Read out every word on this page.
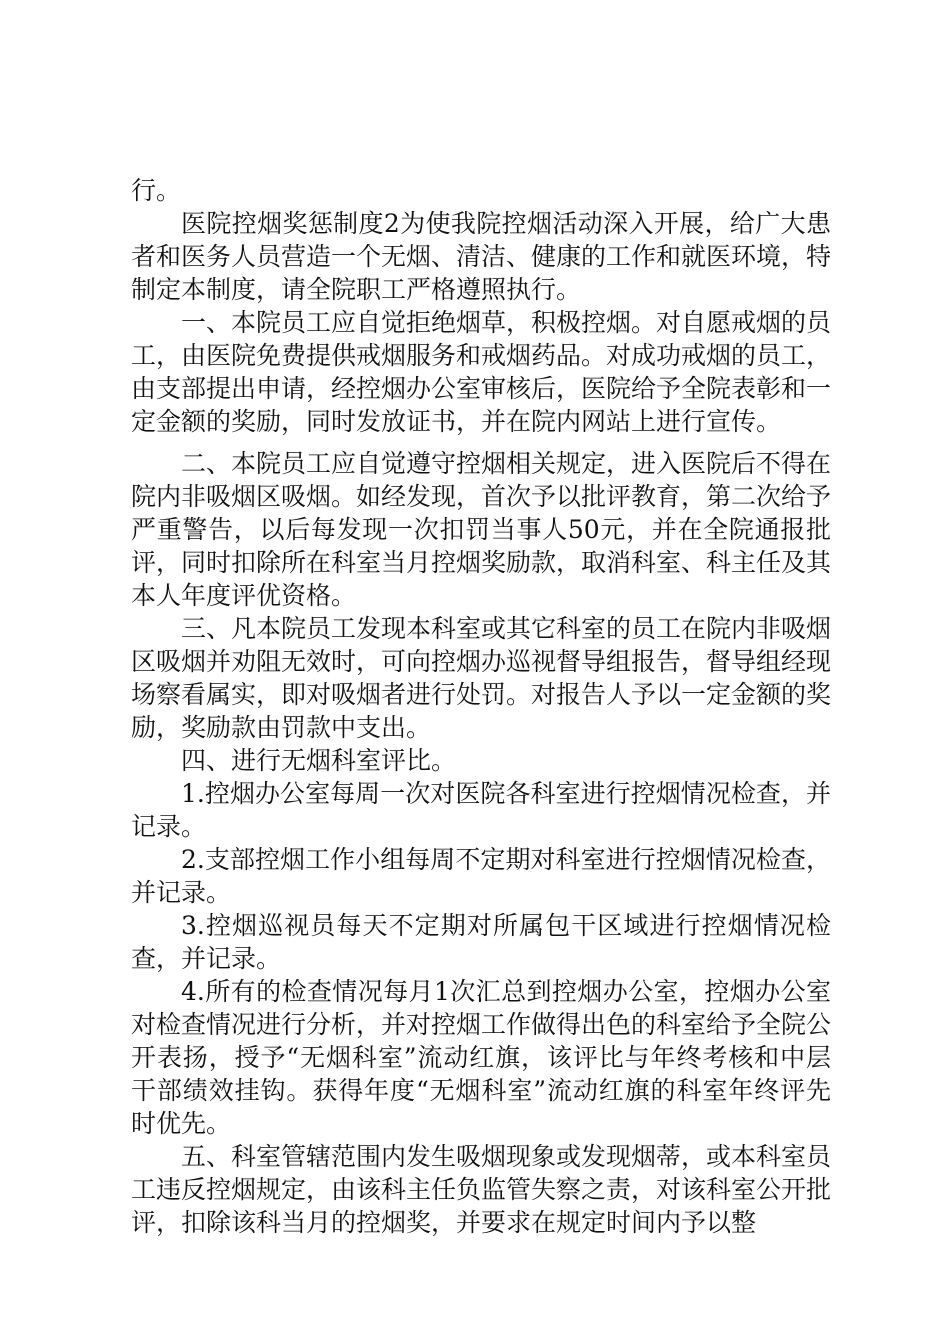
行。

医院控烟奖惩制度2为使我院控烟活动深入开展，给广大患者和医务人员营造一个无烟、清洁、健康的工作和就医环境，特制定本制度，请全院职工严格遵照执行。

一、本院员工应自觉拒绝烟草，积极控烟。对自愿戒烟的员工，由医院免费提供戒烟服务和戒烟药品。对成功戒烟的员工，由支部提出申请，经控烟办公室审核后，医院给予全院表彰和一定金额的奖励，同时发放证书，并在院内网站上进行宣传。

二、本院员工应自觉遵守控烟相关规定，进入医院后不得在院内非吸烟区吸烟。如经发现，首次予以批评教育，第二次给予严重警告，以后每发现一次扣罚当事人50元，并在全院通报批评，同时扣除所在科室当月控烟奖励款，取消科室、科主任及其本人年度评优资格。

三、凡本院员工发现本科室或其它科室的员工在院内非吸烟区吸烟并劝阻无效时，可向控烟办巡视督导组报告，督导组经现场察看属实，即对吸烟者进行处罚。对报告人予以一定金额的奖励，奖励款由罚款中支出。

四、进行无烟科室评比。

1.控烟办公室每周一次对医院各科室进行控烟情况检查，并记录。

2.支部控烟工作小组每周不定期对科室进行控烟情况检查，并记录。

3.控烟巡视员每天不定期对所属包干区域进行控烟情况检查，并记录。

4.所有的检查情况每月1次汇总到控烟办公室，控烟办公室对检查情况进行分析，并对控烟工作做得出色的科室给予全院公开表扬，授予“无烟科室”流动红旗，该评比与年终考核和中层干部绩效挂钩。获得年度“无烟科室”流动红旗的科室年终评先时优先。

五、科室管辖范围内发生吸烟现象或发现烟蒂，或本科室员工违反控烟规定，由该科主任负监管失察之责，对该科室公开批评，扣除该科当月的控烟奖，并要求在规定时间内予以整
